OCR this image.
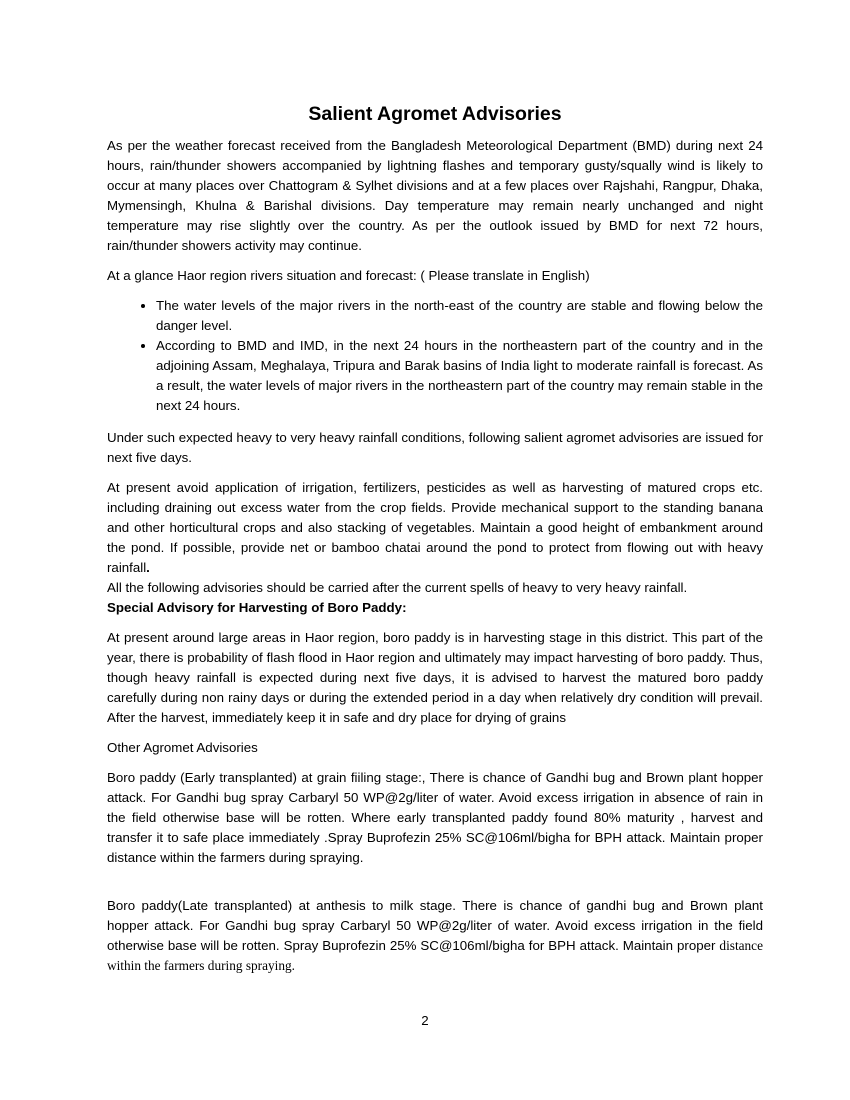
Salient Agromet Advisories

As per the weather forecast received from the Bangladesh Meteorological Department (BMD) during next 24 hours, rain/thunder showers accompanied by lightning flashes and temporary gusty/squally wind is likely to occur at many places over Chattogram & Sylhet divisions and at a few places over Rajshahi, Rangpur, Dhaka, Mymensingh, Khulna & Barishal divisions. Day temperature may remain nearly unchanged and night temperature may rise slightly over the country. As per the outlook issued by BMD for next 72 hours, rain/thunder showers activity may continue.

At a glance Haor region rivers situation and forecast: ( Please translate in English)

• The water levels of the major rivers in the north-east of the country are stable and flowing below the danger level.
• According to BMD and IMD, in the next 24 hours in the northeastern part of the country and in the adjoining Assam, Meghalaya, Tripura and Barak basins of India light to moderate rainfall is forecast. As a result, the water levels of major rivers in the northeastern part of the country may remain stable in the next 24 hours.

Under such expected heavy to very heavy rainfall conditions, following salient agromet advisories are issued for next five days.

At present avoid application of irrigation, fertilizers, pesticides as well as harvesting of matured crops etc. including draining out excess water from the crop fields. Provide mechanical support to the standing banana and other horticultural crops and also stacking of vegetables. Maintain a good height of embankment around the pond. If possible, provide net or bamboo chatai around the pond to protect from flowing out with heavy rainfall.

All the following advisories should be carried after the current spells of heavy to very heavy rainfall.

Special Advisory for Harvesting of Boro Paddy:

At present around large areas in Haor region, boro paddy is in harvesting stage in this district. This part of the year, there is probability of flash flood in Haor region and ultimately may impact harvesting of boro paddy. Thus, though heavy rainfall is expected during next five days, it is advised to harvest the matured boro paddy carefully during non rainy days or during the extended period in a day when relatively dry condition will prevail. After the harvest, immediately keep it in safe and dry place for drying of grains

Other Agromet Advisories

Boro paddy (Early transplanted) at grain fiiling stage:, There is chance of Gandhi bug and Brown plant hopper attack. For Gandhi bug spray Carbaryl 50 WP@2g/liter of water. Avoid excess irrigation in absence of rain in the field otherwise base will be rotten. Where early transplanted paddy found 80% maturity , harvest and transfer it to safe place immediately .Spray Buprofezin 25% SC@106ml/bigha for BPH attack. Maintain proper distance within the farmers during spraying.

Boro paddy(Late transplanted) at anthesis to milk stage. There is chance of gandhi bug and Brown plant hopper attack. For Gandhi bug spray Carbaryl 50 WP@2g/liter of water. Avoid excess irrigation in the field otherwise base will be rotten. Spray Buprofezin 25% SC@106ml/bigha for BPH attack. Maintain proper distance within the farmers during spraying.

2
